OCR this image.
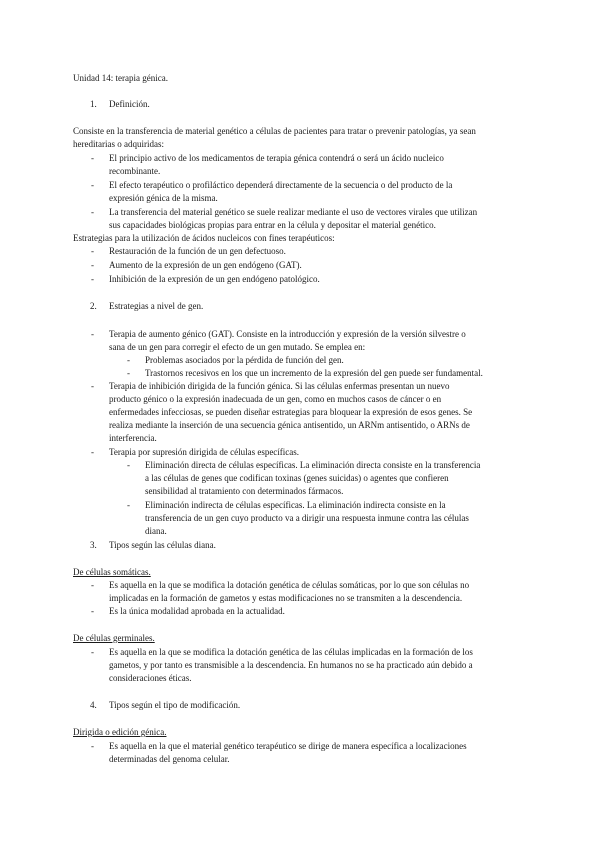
Unidad 14: terapia génica.
1. Definición.
Consiste en la transferencia de material genético a células de pacientes para tratar o prevenir patologías, ya sean
hereditarias o adquiridas:
- El principio activo de los medicamentos de terapia génica contendrá o será un ácido nucleico
recombinante.
- El efecto terapéutico o profiláctico dependerá directamente de la secuencia o del producto de la
expresión génica de la misma.
- La transferencia del material genético se suele realizar mediante el uso de vectores virales que utilizan
sus capacidades biológicas propias para entrar en la célula y depositar el material genético.
Estrategias para la utilización de ácidos nucleicos con fines terapéuticos:
- Restauración de la función de un gen defectuoso.
- Aumento de la expresión de un gen endógeno (GAT).
- Inhibición de la expresión de un gen endógeno patológico.
2. Estrategias a nivel de gen.
- Terapia de aumento génico (GAT). Consiste en la introducción y expresión de la versión silvestre o
sana de un gen para corregir el efecto de un gen mutado. Se emplea en:
- Problemas asociados por la pérdida de función del gen.
- Trastornos recesivos en los que un incremento de la expresión del gen puede ser fundamental.
- Terapia de inhibición dirigida de la función génica. Si las células enfermas presentan un nuevo
producto génico o la expresión inadecuada de un gen, como en muchos casos de cáncer o en
enfermedades infecciosas, se pueden diseñar estrategias para bloquear la expresión de esos genes. Se
realiza mediante la inserción de una secuencia génica antisentido, un ARNm antisentido, o ARNs de
interferencia.
- Terapia por supresión dirigida de células específicas.
- Eliminación directa de células específicas. La eliminación directa consiste en la transferencia
a las células de genes que codifican toxinas (genes suicidas) o agentes que confieren
sensibilidad al tratamiento con determinados fármacos.
- Eliminación indirecta de células específicas. La eliminación indirecta consiste en la
transferencia de un gen cuyo producto va a dirigir una respuesta inmune contra las células
diana.
3. Tipos según las células diana.
De células somáticas.
- Es aquella en la que se modifica la dotación genética de células somáticas, por lo que son células no
implicadas en la formación de gametos y estas modificaciones no se transmiten a la descendencia.
- Es la única modalidad aprobada en la actualidad.
De células germinales.
- Es aquella en la que se modifica la dotación genética de las células implicadas en la formación de los
gametos, y por tanto es transmisible a la descendencia. En humanos no se ha practicado aún debido a
consideraciones éticas.
4. Tipos según el tipo de modificación.
Dirigida o edición génica.
- Es aquella en la que el material genético terapéutico se dirige de manera específica a localizaciones
determinadas del genoma celular.
